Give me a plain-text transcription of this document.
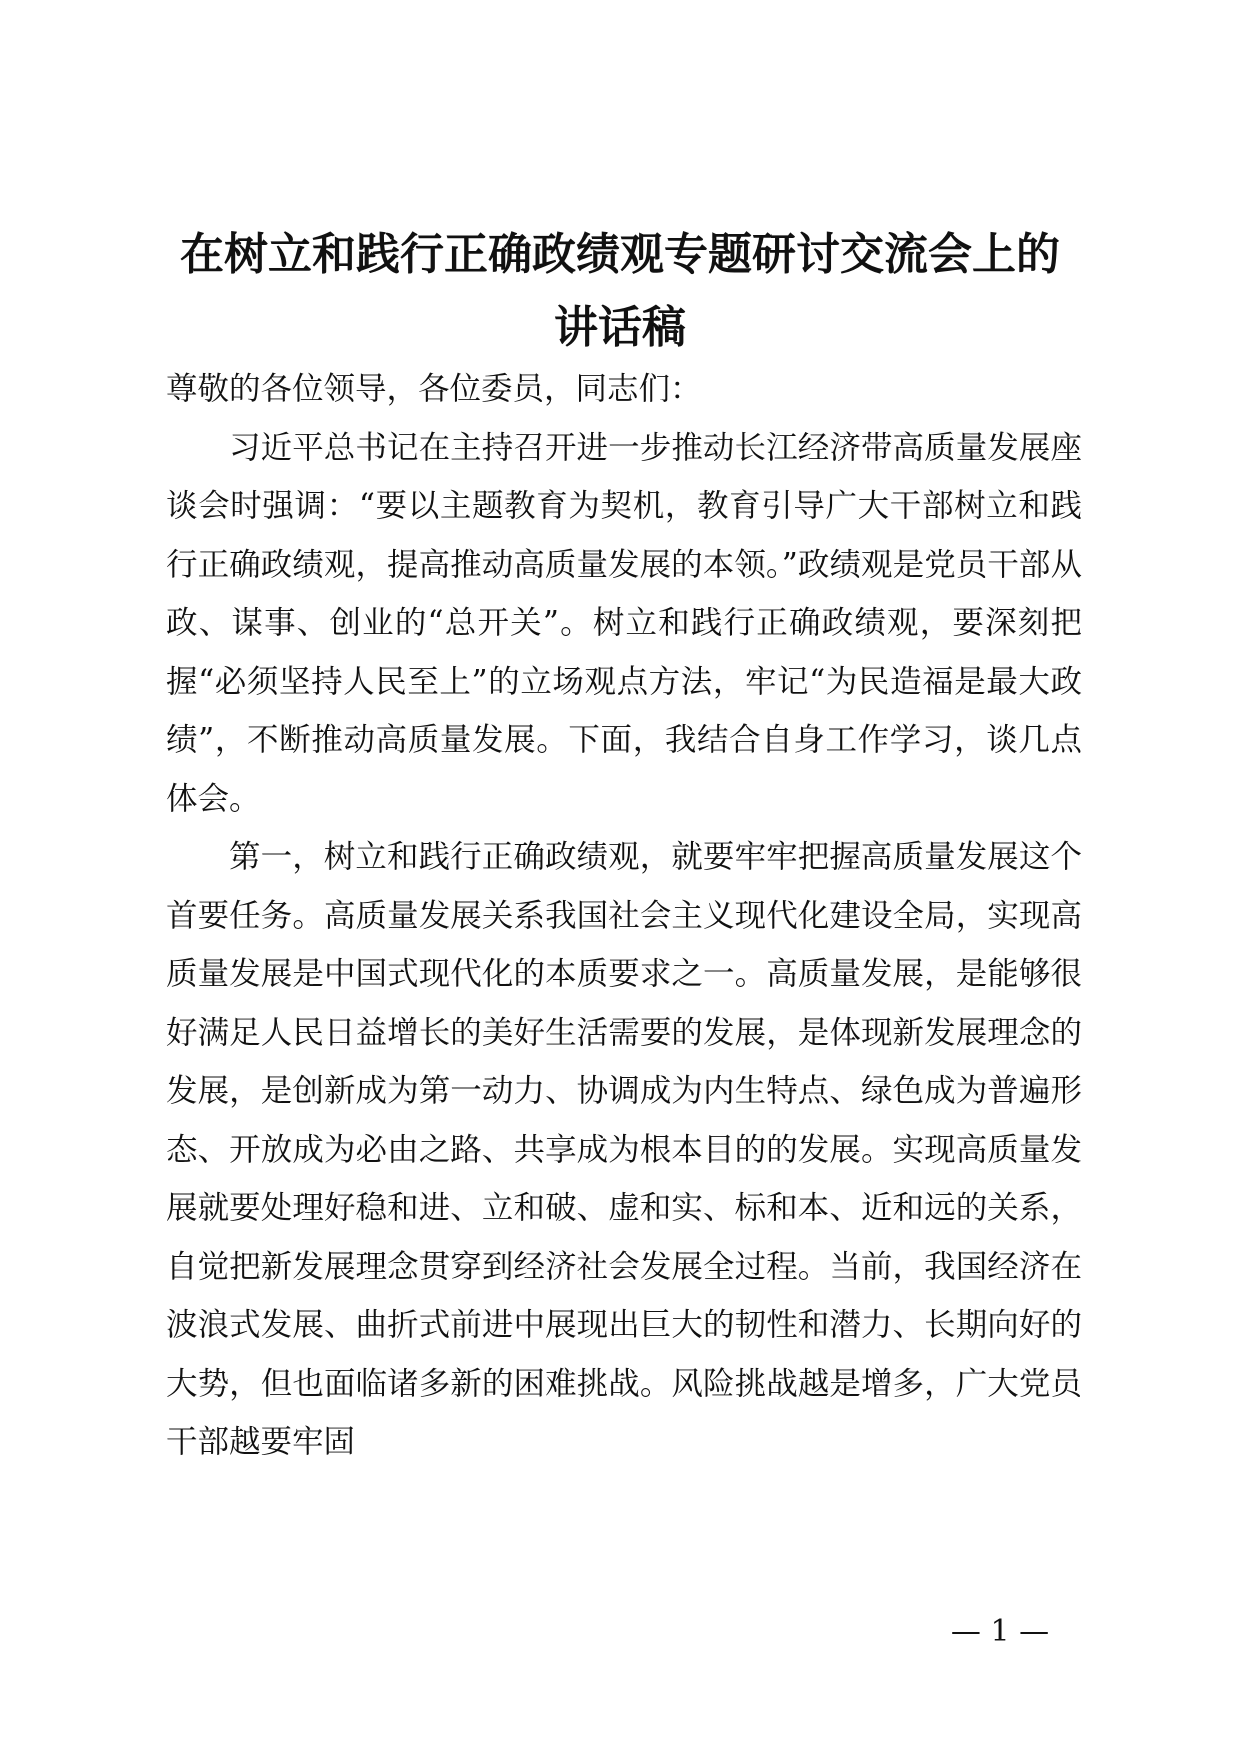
在树立和践行正确政绩观专题研讨交流会上的
讲话稿
尊敬的各位领导，各位委员，同志们：

习近平总书记在主持召开进一步推动长江经济带高质量发展座谈会时强调：“要以主题教育为契机，教育引导广大干部树立和践行正确政绩观，提高推动高质量发展的本领。”政绩观是党员干部从政、谋事、创业的“总开关”。树立和践行正确政绩观，要深刻把握“必须坚持人民至上”的立场观点方法，牢记“为民造福是最大政绩”，不断推动高质量发展。下面，我结合自身工作学习，谈几点体会。

第一，树立和践行正确政绩观，就要牢牢把握高质量发展这个首要任务。高质量发展关系我国社会主义现代化建设全局，实现高质量发展是中国式现代化的本质要求之一。高质量发展，是能够很好满足人民日益增长的美好生活需要的发展，是体现新发展理念的发展，是创新成为第一动力、协调成为内生特点、绿色成为普遍形态、开放成为必由之路、共享成为根本目的的发展。实现高质量发展就要处理好稳和进、立和破、虚和实、标和本、近和远的关系，自觉把新发展理念贯穿到经济社会发展全过程。当前，我国经济在波浪式发展、曲折式前进中展现出巨大的韧性和潜力、长期向好的大势，但也面临诸多新的困难挑战。风险挑战越是增多，广大党员干部越要牢固

— 1 —
